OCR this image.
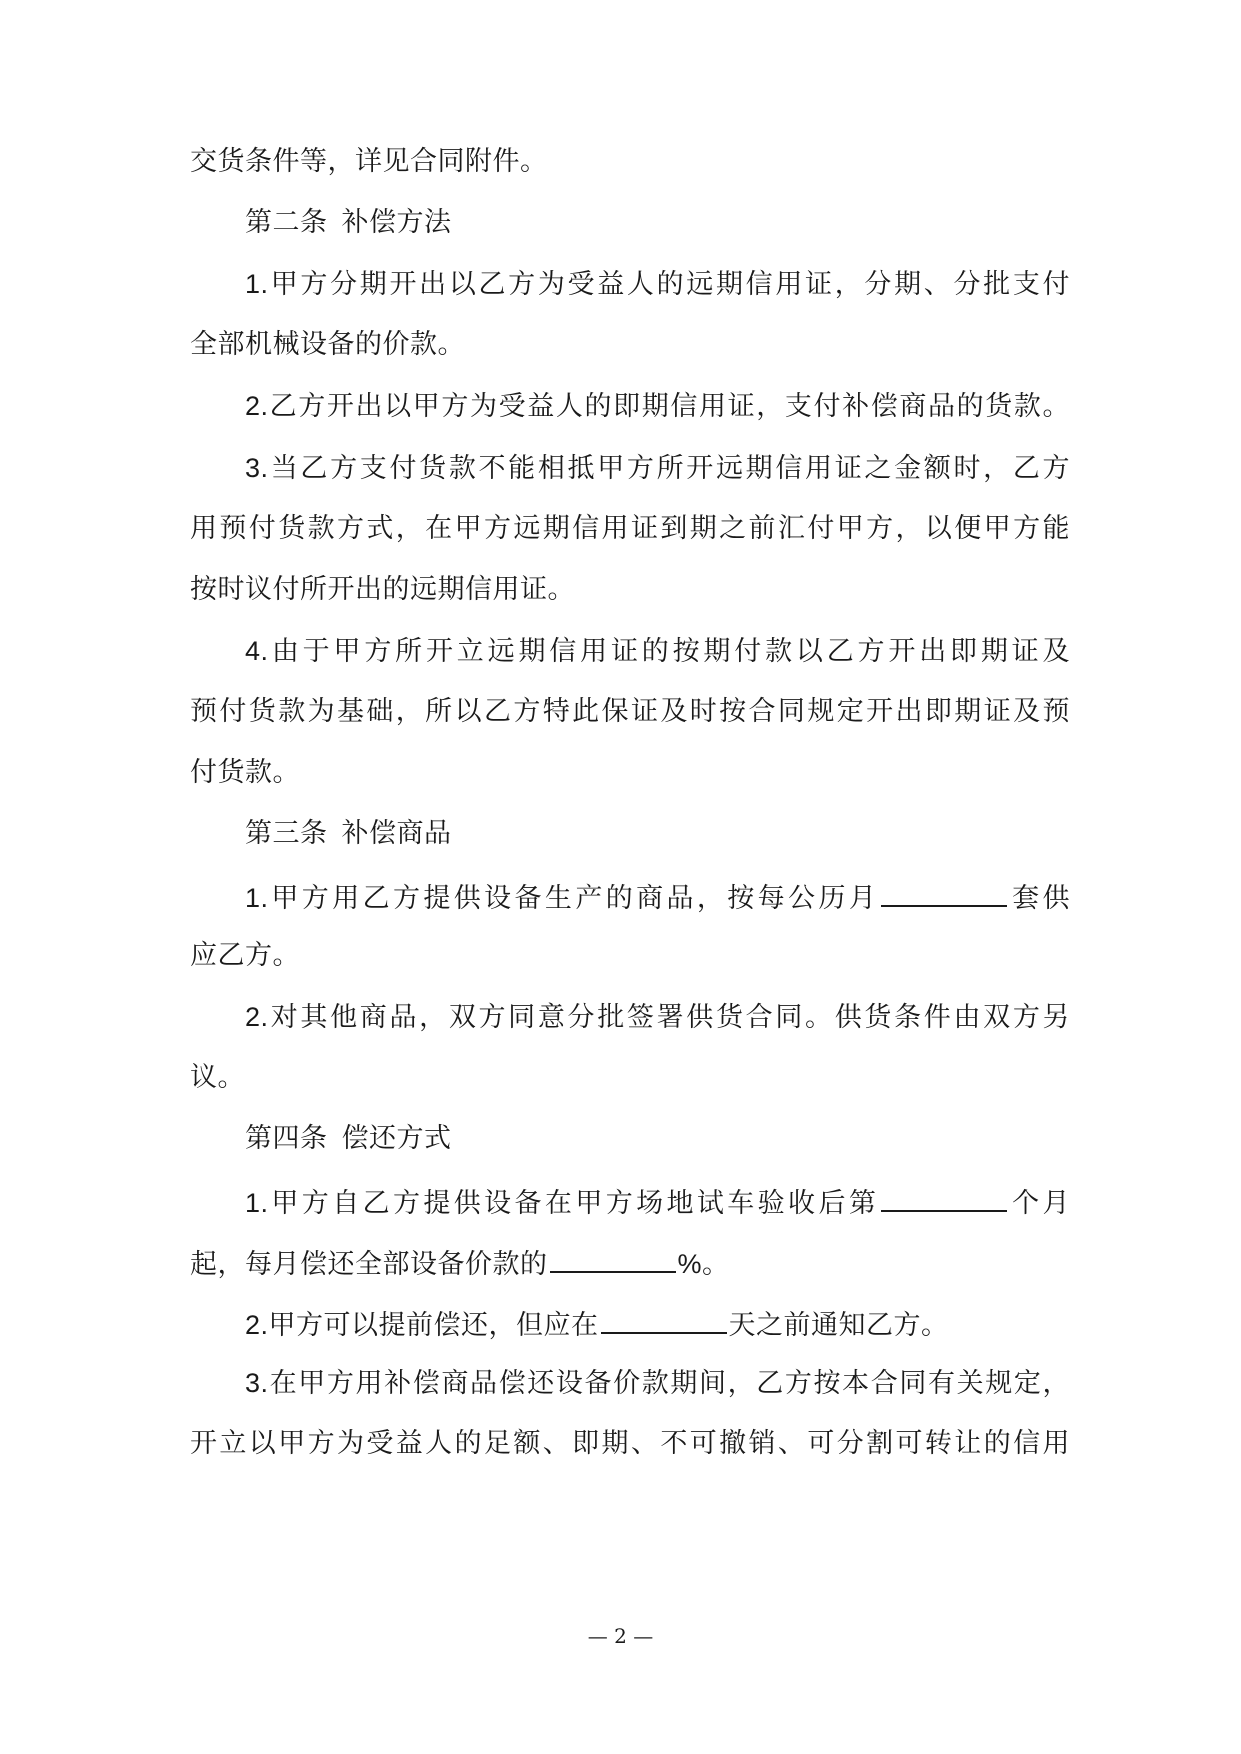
交货条件等，详见合同附件。
第二条 补偿方法
1.甲方分期开出以乙方为受益人的远期信用证，分期、分批支付
全部机械设备的价款。
2.乙方开出以甲方为受益人的即期信用证，支付补偿商品的货款。
3.当乙方支付货款不能相抵甲方所开远期信用证之金额时，乙方
用预付货款方式，在甲方远期信用证到期之前汇付甲方，以便甲方能
按时议付所开出的远期信用证。
4.由于甲方所开立远期信用证的按期付款以乙方开出即期证及
预付货款为基础，所以乙方特此保证及时按合同规定开出即期证及预
付货款。
第三条 补偿商品
1.甲方用乙方提供设备生产的商品，按每公历月	套供
应乙方。
2.对其他商品，双方同意分批签署供货合同。供货条件由双方另
议。
第四条 偿还方式
1.甲方自乙方提供设备在甲方场地试车验收后第	个月
起，每月偿还全部设备价款的	%。
2.甲方可以提前偿还，但应在	天之前通知乙方。
3.在甲方用补偿商品偿还设备价款期间，乙方按本合同有关规定，
开立以甲方为受益人的足额、即期、不可撤销、可分割可转让的信用
— 2 —
